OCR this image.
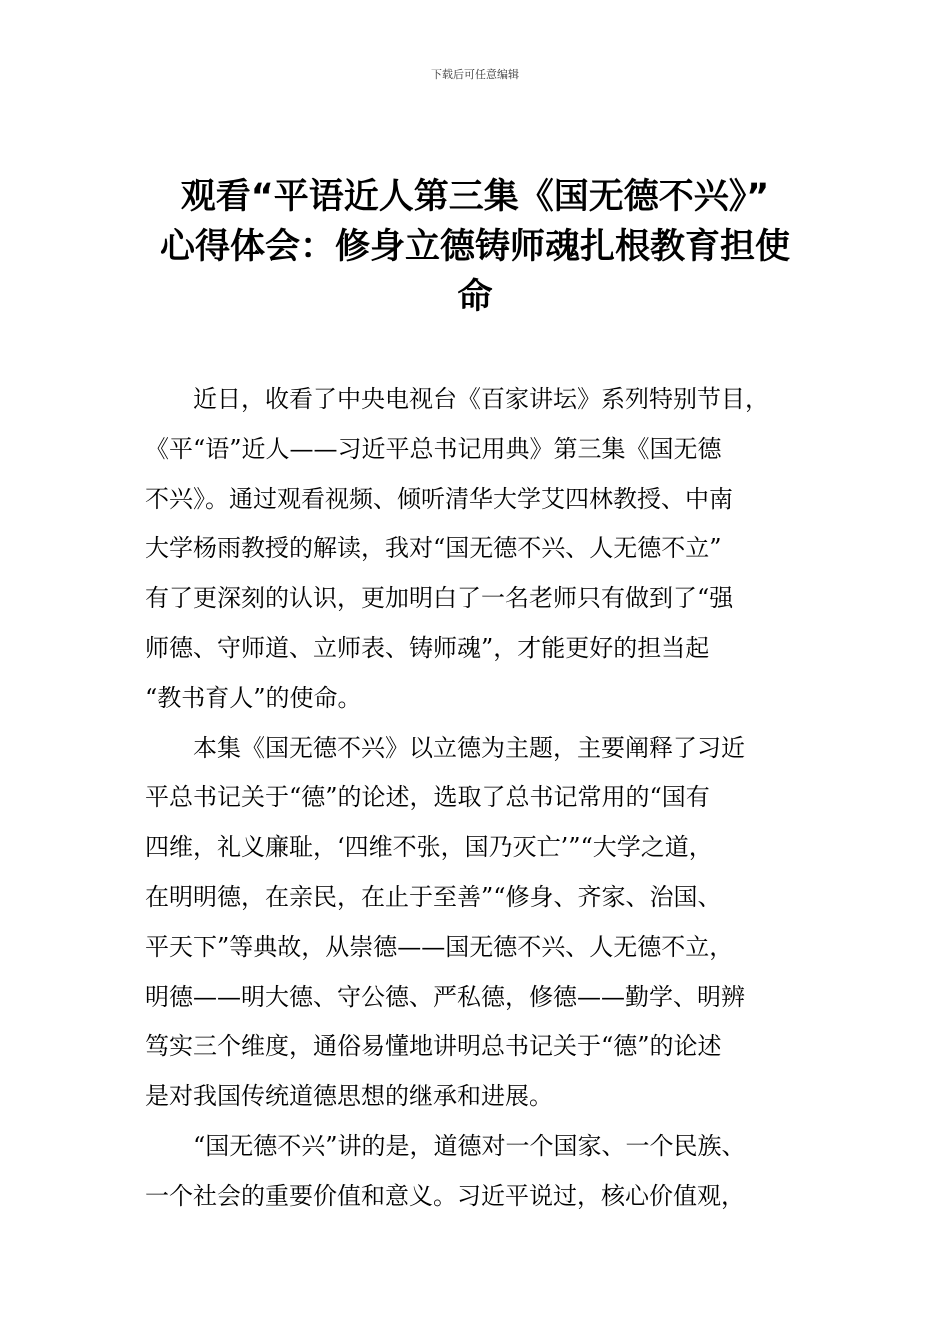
下载后可任意编辑
观看“平语近人第三集《国无德不兴》”
心得体会：修身立德铸师魂扎根教育担使
命
近日，收看了中央电视台《百家讲坛》系列特别节目，
《平“语”近人——习近平总书记用典》第三集《国无德
不兴》。通过观看视频、倾听清华大学艾四林教授、中南
大学杨雨教授的解读，我对“国无德不兴、人无德不立”
有了更深刻的认识，更加明白了一名老师只有做到了“强
师德、守师道、立师表、铸师魂”，才能更好的担当起
“教书育人”的使命。
本集《国无德不兴》以立德为主题，主要阐释了习近
平总书记关于“德”的论述，选取了总书记常用的“国有
四维，礼义廉耻，‘四维不张，国乃灭亡’”“大学之道，
在明明德，在亲民，在止于至善”“修身、齐家、治国、
平天下”等典故，从崇德——国无德不兴、人无德不立，
明德——明大德、守公德、严私德，修德——勤学、明辨
笃实三个维度，通俗易懂地讲明总书记关于“德”的论述
是对我国传统道德思想的继承和进展。
“国无德不兴”讲的是，道德对一个国家、一个民族、
一个社会的重要价值和意义。习近平说过，核心价值观，
